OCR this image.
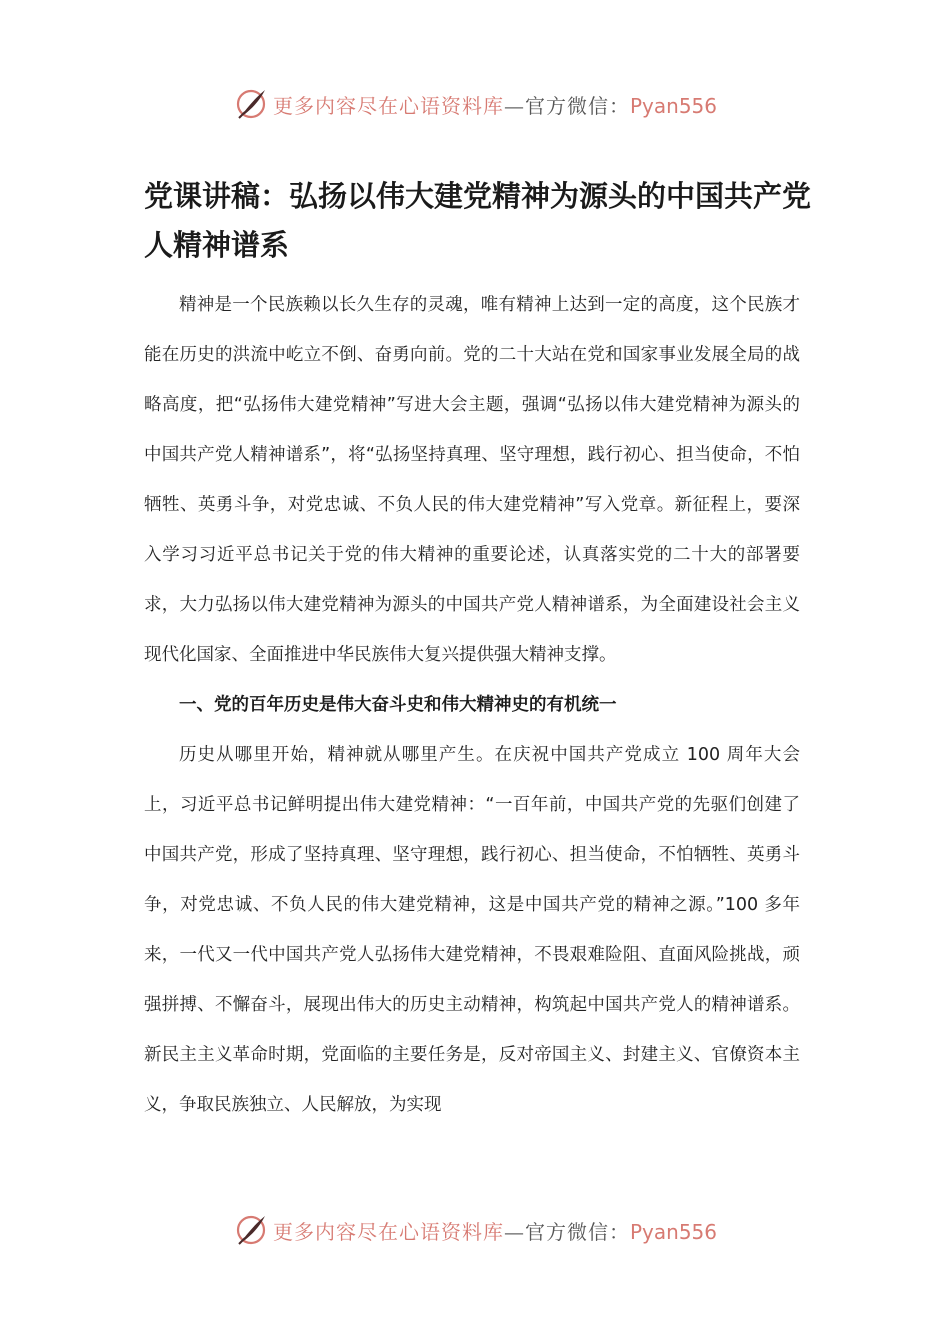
更多内容尽在心语资料库—官方微信：Pyan556
党课讲稿：弘扬以伟大建党精神为源头的中国共产党人精神谱系

精神是一个民族赖以长久生存的灵魂，唯有精神上达到一定的高度，这个民族才能在历史的洪流中屹立不倒、奋勇向前。党的二十大站在党和国家事业发展全局的战略高度，把“弘扬伟大建党精神”写进大会主题，强调“弘扬以伟大建党精神为源头的中国共产党人精神谱系”，将“弘扬坚持真理、坚守理想，践行初心、担当使命，不怕牺牲、英勇斗争，对党忠诚、不负人民的伟大建党精神”写入党章。新征程上，要深入学习习近平总书记关于党的伟大精神的重要论述，认真落实党的二十大的部署要求，大力弘扬以伟大建党精神为源头的中国共产党人精神谱系，为全面建设社会主义现代化国家、全面推进中华民族伟大复兴提供强大精神支撑。

一、党的百年历史是伟大奋斗史和伟大精神史的有机统一

历史从哪里开始，精神就从哪里产生。在庆祝中国共产党成立 100 周年大会上，习近平总书记鲜明提出伟大建党精神：“一百年前，中国共产党的先驱们创建了中国共产党，形成了坚持真理、坚守理想，践行初心、担当使命，不怕牺牲、英勇斗争，对党忠诚、不负人民的伟大建党精神，这是中国共产党的精神之源。”100 多年来，一代又一代中国共产党人弘扬伟大建党精神，不畏艰难险阻、直面风险挑战，顽强拼搏、不懈奋斗，展现出伟大的历史主动精神，构筑起中国共产党人的精神谱系。新民主主义革命时期，党面临的主要任务是，反对帝国主义、封建主义、官僚资本主义，争取民族独立、人民解放，为实现

更多内容尽在心语资料库—官方微信：Pyan556
